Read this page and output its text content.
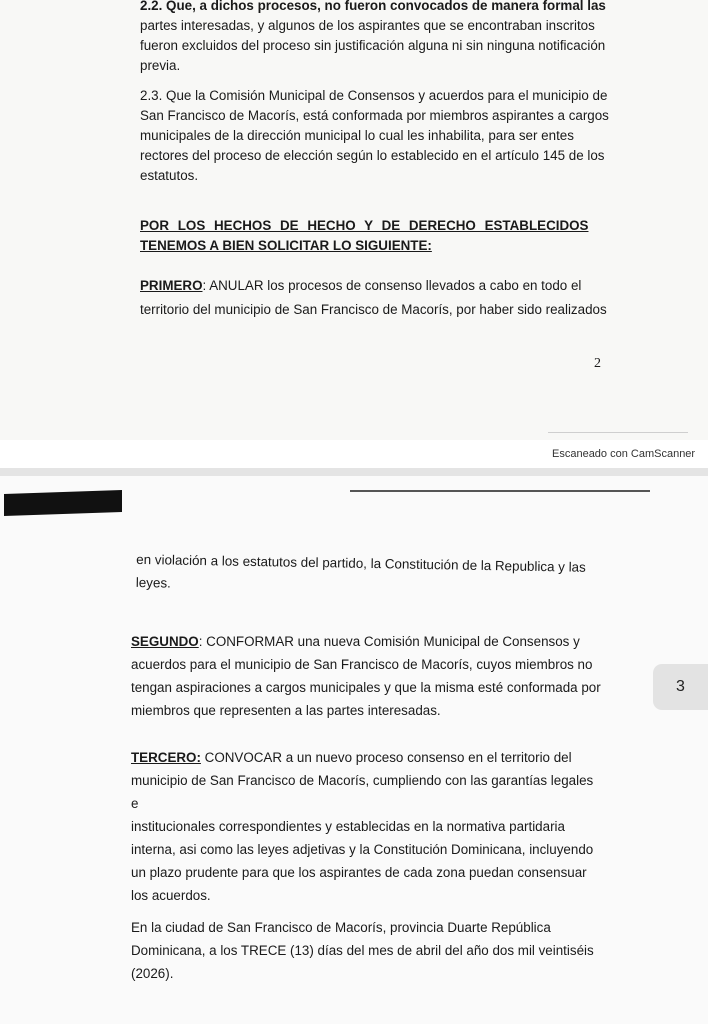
2.2. Que, a dichos procesos, no fueron convocados de manera formal las
partes interesadas, y algunos de los aspirantes que se encontraban inscritos
fueron excluidos del proceso sin justificación alguna ni sin ninguna notificación
previa.
2.3. Que la Comisión Municipal de Consensos y acuerdos para el municipio de
San Francisco de Macorís, está conformada por miembros aspirantes a cargos
municipales de la dirección municipal lo cual les inhabilita, para ser entes
rectores del proceso de elección según lo establecido en el artículo 145 de los
estatutos.
POR LOS HECHOS DE HECHO Y DE DERECHO ESTABLECIDOS
TENEMOS A BIEN SOLICITAR LO SIGUIENTE:
PRIMERO: ANULAR los procesos de consenso llevados a cabo en todo el
territorio del municipio de San Francisco de Macorís, por haber sido realizados
2
Escaneado con CamScanner
en violación a los estatutos del partido, la Constitución de la Republica y las
leyes.
SEGUNDO: CONFORMAR una nueva Comisión Municipal de Consensos y
acuerdos para el municipio de San Francisco de Macorís, cuyos miembros no
tengan aspiraciones a cargos municipales y que la misma esté conformada por
miembros que representen a las partes interesadas.
3
TERCERO: CONVOCAR a un nuevo proceso consenso en el territorio del
municipio de San Francisco de Macorís, cumpliendo con las garantías legales e
institucionales correspondientes y establecidas en la normativa partidaria
interna, asi como las leyes adjetivas y la Constitución Dominicana, incluyendo
un plazo prudente para que los aspirantes de cada zona puedan consensuar
los acuerdos.
En la ciudad de San Francisco de Macorís, provincia Duarte República
Dominicana, a los TRECE (13) días del mes de abril del año dos mil veintiséis
(2026).
